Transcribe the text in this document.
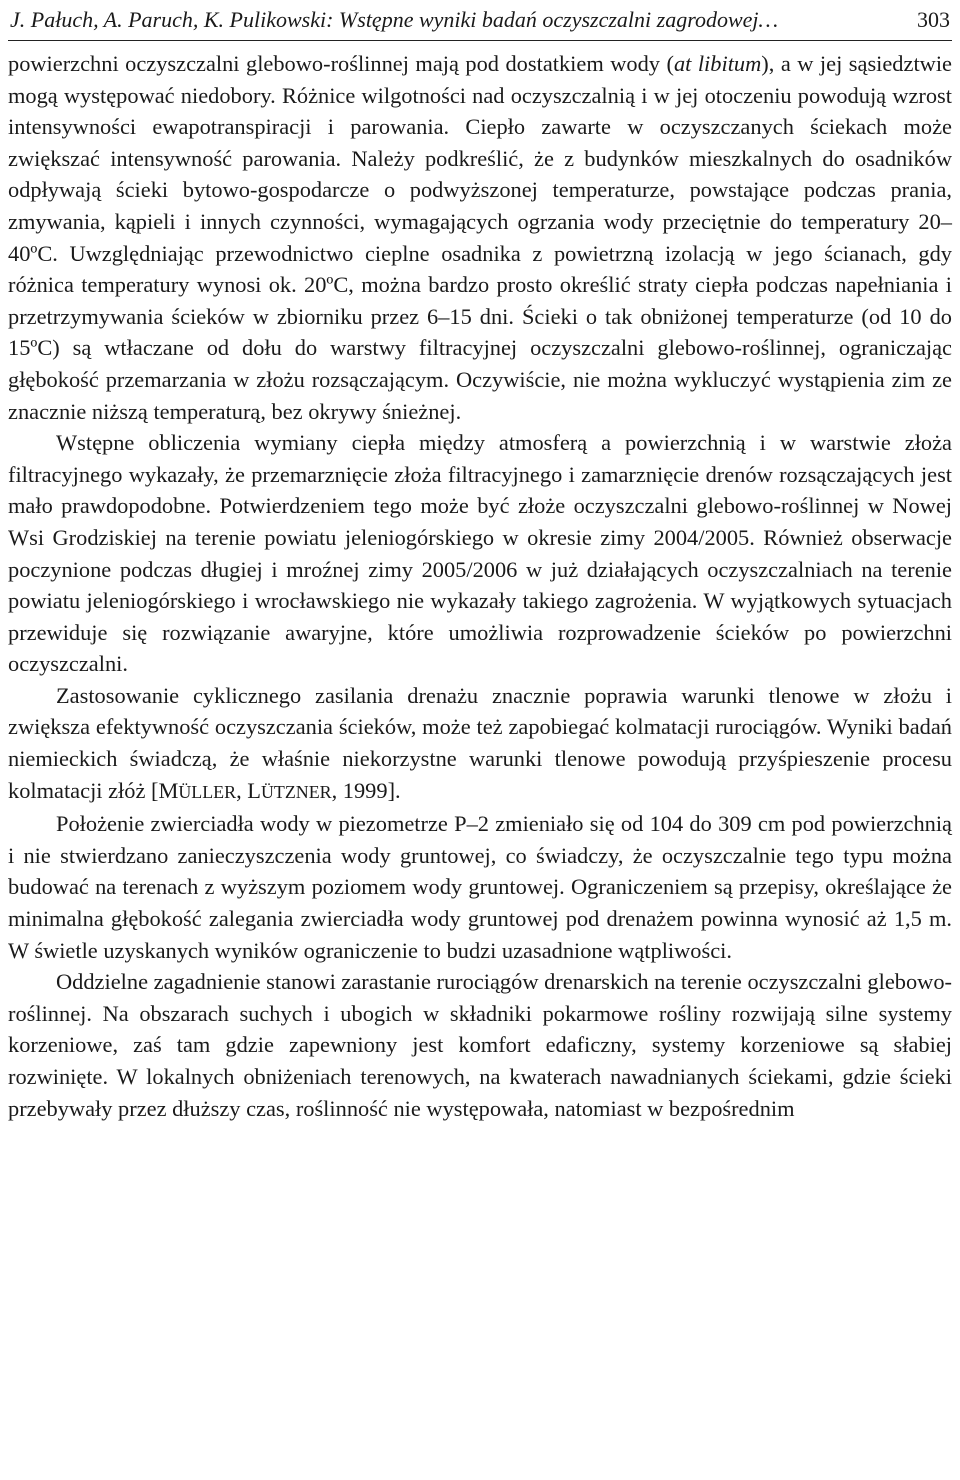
J. Pałuch, A. Paruch, K. Pulikowski: Wstępne wyniki badań oczyszczalni zagrodowej…	303

powierzchni oczyszczalni glebowo-roślinnej mają pod dostatkiem wody (at libitum), a w jej sąsiedztwie mogą występować niedobory. Różnice wilgotności nad oczyszczalnią i w jej otoczeniu powodują wzrost intensywności ewapotranspiracji i parowania. Ciepło zawarte w oczyszczanych ściekach może zwiększać intensywność parowania. Należy podkreślić, że z budynków mieszkalnych do osadników odpływają ścieki bytowo-gospodarcze o podwyższonej temperaturze, powstające podczas prania, zmywania, kąpieli i innych czynności, wymagających ogrzania wody przeciętnie do temperatury 20–40ºC. Uwzględniając przewodnictwo cieplne osadnika z powietrzną izolacją w jego ścianach, gdy różnica temperatury wynosi ok. 20ºC, można bardzo prosto określić straty ciepła podczas napełniania i przetrzymywania ścieków w zbiorniku przez 6–15 dni. Ścieki o tak obniżonej temperaturze (od 10 do 15ºC) są wtłaczane od dołu do warstwy filtracyjnej oczyszczalni glebowo-roślinnej, ograniczając głębokość przemarzania w złożu rozsączającym. Oczywiście, nie można wykluczyć wystąpienia zim ze znacznie niższą temperaturą, bez okrywy śnieżnej.

Wstępne obliczenia wymiany ciepła między atmosferą a powierzchnią i w warstwie złoża filtracyjnego wykazały, że przemarznięcie złoża filtracyjnego i zamarznięcie drenów rozsączających jest mało prawdopodobne. Potwierdzeniem tego może być złoże oczyszczalni glebowo-roślinnej w Nowej Wsi Grodziskiej na terenie powiatu jeleniogórskiego w okresie zimy 2004/2005. Również obserwacje poczynione podczas długiej i mroźnej zimy 2005/2006 w już działających oczyszczalniach na terenie powiatu jeleniogórskiego i wrocławskiego nie wykazały takiego zagrożenia. W wyjątkowych sytuacjach przewiduje się rozwiązanie awaryjne, które umożliwia rozprowadzenie ścieków po powierzchni oczyszczalni.

Zastosowanie cyklicznego zasilania drenażu znacznie poprawia warunki tlenowe w złożu i zwiększa efektywność oczyszczania ścieków, może też zapobiegać kolmatacji rurociągów. Wyniki badań niemieckich świadczą, że właśnie niekorzystne warunki tlenowe powodują przyśpieszenie procesu kolmatacji złóż [MÜLLER, LÜTZNER, 1999].

Położenie zwierciadła wody w piezometrze P–2 zmieniało się od 104 do 309 cm pod powierzchnią i nie stwierdzano zanieczyszczenia wody gruntowej, co świadczy, że oczyszczalnie tego typu można budować na terenach z wyższym poziomem wody gruntowej. Ograniczeniem są przepisy, określające że minimalna głębokość zalegania zwierciadła wody gruntowej pod drenażem powinna wynosić aż 1,5 m. W świetle uzyskanych wyników ograniczenie to budzi uzasadnione wątpliwości.

Oddzielne zagadnienie stanowi zarastanie rurociągów drenarskich na terenie oczyszczalni glebowo-roślinnej. Na obszarach suchych i ubogich w składniki pokarmowe rośliny rozwijają silne systemy korzeniowe, zaś tam gdzie zapewniony jest komfort edaficzny, systemy korzeniowe są słabiej rozwinięte. W lokalnych obniżeniach terenowych, na kwaterach nawadnianych ściekami, gdzie ścieki przebywały przez dłuższy czas, roślinność nie występowała, natomiast w bezpośrednim
